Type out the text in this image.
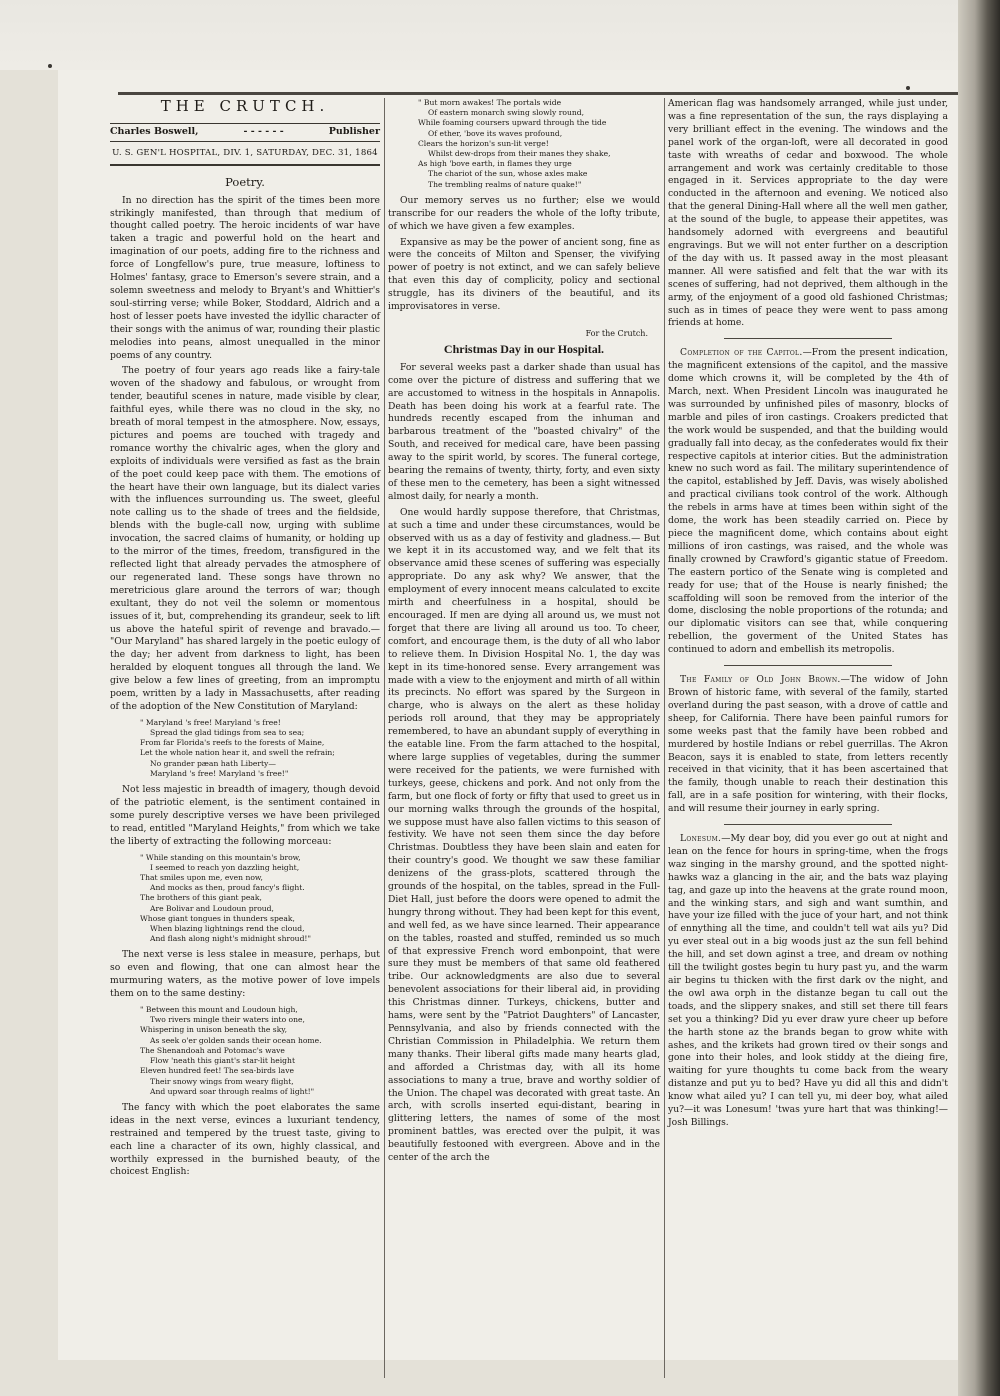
THE CRUTCH.
Charles Boswell,	- - - - - -	Publisher
U. S. GEN'L HOSPITAL, DIV. 1, SATURDAY, DEC. 31, 1864
Poetry.

In no direction has the spirit of the times been more strikingly manifested, than through that medium of thought called poetry. The heroic incidents of war have taken a tragic and powerful hold on the heart and imagination of our poets, adding fire to the richness and force of Longfellow's pure, true measure, loftiness to Holmes' fantasy, grace to Emerson's severe strain, and a solemn sweetness and melody to Bryant's and Whittier's soul-stirring verse; while Boker, Stoddard, Aldrich and a host of lesser poets have invested the idyllic character of their songs with the animus of war, rounding their plastic melodies into peans, almost unequalled in the minor poems of any country.

The poetry of four years ago reads like a fairy-tale woven of the shadowy and fabulous, or wrought from tender, beautiful scenes in nature, made visible by clear, faithful eyes, while there was no cloud in the sky, no breath of moral tempest in the atmosphere. Now, essays, pictures and poems are touched with tragedy and romance worthy the chivalric ages, when the glory and exploits of individuals were versified as fast as the brain of the poet could keep pace with them. The emotions of the heart have their own language, but its dialect varies with the influences surrounding us. The sweet, gleeful note calling us to the shade of trees and the fieldside, blends with the bugle-call now, urging with sublime invocation, the sacred claims of humanity, or holding up to the mirror of the times, freedom, transfigured in the reflected light that already pervades the atmosphere of our regenerated land. These songs have thrown no meretricious glare around the terrors of war; though exultant, they do not veil the solemn or momentous issues of it, but, comprehending its grandeur, seek to lift us above the hateful spirit of revenge and bravado.— "Our Maryland" has shared largely in the poetic eulogy of the day; her advent from darkness to light, has been heralded by eloquent tongues all through the land. We give below a few lines of greeting, from an impromptu poem, written by a lady in Massachusetts, after reading of the adoption of the New Constitution of Maryland:

" Maryland 's free! Maryland 's free!
Spread the glad tidings from sea to sea;
From far Florida's reefs to the forests of Maine,
Let the whole nation hear it, and swell the refrain;
No grander pæan hath Liberty—
Maryland 's free! Maryland 's free!"

Not less majestic in breadth of imagery, though devoid of the patriotic element, is the sentiment contained in some purely descriptive verses we have been privileged to read, entitled "Maryland Heights," from which we take the liberty of extracting the following morceau:

" While standing on this mountain's brow,
I seemed to reach yon dazzling height,
That smiles upon me, even now,
And mocks as then, proud fancy's flight.
The brothers of this giant peak,
Are Bolivar and Loudoun proud,
Whose giant tongues in thunders speak,
When blazing lightnings rend the cloud,
And flash along night's midnight shroud!"

The next verse is less stalee in measure, perhaps, but so even and flowing, that one can almost hear the murmuring waters, as the motive power of love impels them on to the same destiny:

" Between this mount and Loudoun high,
Two rivers mingle their waters into one,
Whispering in unison beneath the sky,
As seek o'er golden sands their ocean home.
The Shenandoah and Potomac's wave
Flow 'neath this giant's star-lit height
Eleven hundred feet! The sea-birds lave
Their snowy wings from weary flight,
And upward soar through realms of light!"

The fancy with which the poet elaborates the same ideas in the next verse, evinces a luxuriant tendency, restrained and tempered by the truest taste, giving to each line a character of its own, highly classical, and worthily expressed in the burnished beauty, of the choicest English:

" But morn awakes! The portals wide
Of eastern monarch swing slowly round,
While foaming coursers upward through the tide
Of ether, 'bove its waves profound,
Clears the horizon's sun-lit verge!
Whilst dew-drops from their manes they shake,
As high 'bove earth, in flames they urge
The chariot of the sun, whose axles make
The trembling realms of nature quake!"

Our memory serves us no further; else we would transcribe for our readers the whole of the lofty tribute, of which we have given a few examples.

Expansive as may be the power of ancient song, fine as were the conceits of Milton and Spenser, the vivifying power of poetry is not extinct, and we can safely believe that even this day of complicity, policy and sectional struggle, has its diviners of the beautiful, and its improvisatores in verse.

For the Crutch.
Christmas Day in our Hospital.

For several weeks past a darker shade than usual has come over the picture of distress and suffering that we are accustomed to witness in the hospitals in Annapolis. Death has been doing his work at a fearful rate. The hundreds recently escaped from the inhuman and barbarous treatment of the "boasted chivalry" of the South, and received for medical care, have been passing away to the spirit world, by scores. The funeral cortege, bearing the remains of twenty, thirty, forty, and even sixty of these men to the cemetery, has been a sight witnessed almost daily, for nearly a month.

One would hardly suppose therefore, that Christmas, at such a time and under these circumstances, would be observed with us as a day of festivity and gladness.— But we kept it in its accustomed way, and we felt that its observance amid these scenes of suffering was especially appropriate. Do any ask why? We answer, that the employment of every innocent means calculated to excite mirth and cheerfulness in a hospital, should be encouraged. If men are dying all around us, we must not forget that there are living all around us too. To cheer, comfort, and encourage them, is the duty of all who labor to relieve them. In Division Hospital No. 1, the day was kept in its time-honored sense. Every arrangement was made with a view to the enjoyment and mirth of all within its precincts. No effort was spared by the Surgeon in charge, who is always on the alert as these holiday periods roll around, that they may be appropriately remembered, to have an abundant supply of everything in the eatable line. From the farm attached to the hospital, where large supplies of vegetables, during the summer were received for the patients, we were furnished with turkeys, geese, chickens and pork. And not only from the farm, but one flock of forty or fifty that used to greet us in our morning walks through the grounds of the hospital, we suppose must have also fallen victims to this season of festivity. We have not seen them since the day before Christmas. Doubtless they have been slain and eaten for their country's good. We thought we saw these familiar denizens of the grass-plots, scattered through the grounds of the hospital, on the tables, spread in the Full-Diet Hall, just before the doors were opened to admit the hungry throng without. They had been kept for this event, and well fed, as we have since learned. Their appearance on the tables, roasted and stuffed, reminded us so much of that expressive French word embonpoint, that were sure they must be members of that same old feathered tribe. Our acknowledgments are also due to several benevolent associations for their liberal aid, in providing this Christmas dinner. Turkeys, chickens, butter and hams, were sent by the "Patriot Daughters" of Lancaster, Pennsylvania, and also by friends connected with the Christian Commission in Philadelphia. We return them many thanks. Their liberal gifts made many hearts glad, and afforded a Christmas day, with all its home associations to many a true, brave and worthy soldier of the Union. The chapel was decorated with great taste. An arch, with scrolls inserted equi-distant, bearing in glittering letters, the names of some of the most prominent battles, was erected over the pulpit, it was beautifully festooned with evergreen. Above and in the center of the arch the

American flag was handsomely arranged, while just under, was a fine representation of the sun, the rays displaying a very brilliant effect in the evening. The windows and the panel work of the organ-loft, were all decorated in good taste with wreaths of cedar and boxwood. The whole arrangement and work was certainly creditable to those engaged in it. Services appropriate to the day were conducted in the afternoon and evening. We noticed also that the general Dining-Hall where all the well men gather, at the sound of the bugle, to appease their appetites, was handsomely adorned with evergreens and beautiful engravings. But we will not enter further on a description of the day with us. It passed away in the most pleasant manner. All were satisfied and felt that the war with its scenes of suffering, had not deprived, them although in the army, of the enjoyment of a good old fashioned Christmas; such as in times of peace they were went to pass among friends at home.

Completion of the Capitol.—From the present indication, the magnificent extensions of the capitol, and the massive dome which crowns it, will be completed by the 4th of March, next. When President Lincoln was inaugurated he was surrounded by unfinished piles of masonry, blocks of marble and piles of iron castings. Croakers predicted that the work would be suspended, and that the building would gradually fall into decay, as the confederates would fix their respective capitols at interior cities. But the administration knew no such word as fail. The military superintendence of the capitol, established by Jeff. Davis, was wisely abolished and practical civilians took control of the work. Although the rebels in arms have at times been within sight of the dome, the work has been steadily carried on. Piece by piece the magnificent dome, which contains about eight millions of iron castings, was raised, and the whole was finally crowned by Crawford's gigantic statue of Freedom. The eastern portico of the Senate wing is completed and ready for use; that of the House is nearly finished; the scaffolding will soon be removed from the interior of the dome, disclosing the noble proportions of the rotunda; and our diplomatic visitors can see that, while conquering rebellion, the goverment of the United States has continued to adorn and embellish its metropolis.

The Family of Old John Brown.—The widow of John Brown of historic fame, with several of the family, started overland during the past season, with a drove of cattle and sheep, for California. There have been painful rumors for some weeks past that the family have been robbed and murdered by hostile Indians or rebel guerrillas. The Akron Beacon, says it is enabled to state, from letters recently received in that vicinity, that it has been ascertained that the family, though unable to reach their destination this fall, are in a safe position for wintering, with their flocks, and will resume their journey in early spring.

Lonesum.—My dear boy, did you ever go out at night and lean on the fence for hours in spring-time, when the frogs waz singing in the marshy ground, and the spotted night-hawks waz a glancing in the air, and the bats waz playing tag, and gaze up into the heavens at the grate round moon, and the winking stars, and sigh and want sumthin, and have your ize filled with the juce of your hart, and not think of ennything all the time, and couldn't tell wat ails yu? Did yu ever steal out in a big woods just az the sun fell behind the hill, and set down aginst a tree, and dream ov nothing till the twilight gostes begin tu hury past yu, and the warm air begins tu thicken with the first dark ov the night, and the owl awa orph in the distanze began tu call out the toads, and the slippery snakes, and still set there till fears set you a thinking? Did yu ever draw yure cheer up before the harth stone az the brands began to grow white with ashes, and the krikets had grown tired ov their songs and gone into their holes, and look stiddy at the dieing fire, waiting for yure thoughts tu come back from the weary distanze and put yu to bed? Have yu did all this and didn't know what ailed yu? I can tell yu, mi deer boy, what ailed yu?—it was Lonesum! 'twas yure hart that was thinking!—Josh Billings.
